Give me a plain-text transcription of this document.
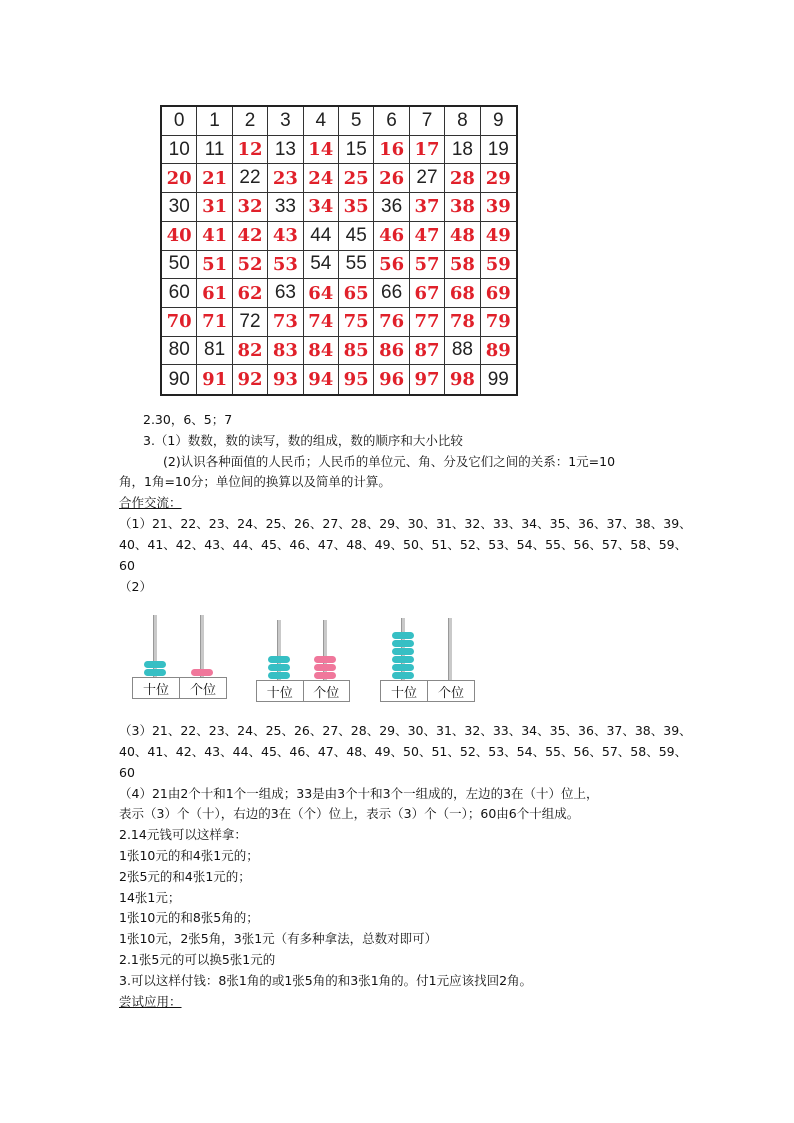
0	1	2	3	4	5	6	7	8	9
10 11 12 13 14 15 16 17 18 19
20 21 22 23 24 25 26 27 28 29
30 31 32 33 34 35 36 37 38 39
40 41 42 43 44 45 46 47 48 49
50 51 52 53 54 55 56 57 58 59
60 61 62 63 64 65 66 67 68 69
70 71 72 73 74 75 76 77 78 79
80 81 82 83 84 85 86 87 88 89
90 91 92 93 94 95 96 97 98 99
2.30，6、5；7
3.（1）数数，数的读写，数的组成，数的顺序和大小比较
(2)认识各种面值的人民币；人民币的单位元、角、分及它们之间的关系：1元=10
角，1角=10分；单位间的换算以及简单的计算。
合作交流：
（1）21、22、23、24、25、26、27、28、29、30、31、32、33、34、35、36、37、38、39、
40、41、42、43、44、45、46、47、48、49、50、51、52、53、54、55、56、57、58、59、
60
（2）
十位	个位	十位	个位	十位	个位
（3）21、22、23、24、25、26、27、28、29、30、31、32、33、34、35、36、37、38、39、
40、41、42、43、44、45、46、47、48、49、50、51、52、53、54、55、56、57、58、59、
60
（4）21由2个十和1个一组成；33是由3个十和3个一组成的，左边的3在（十）位上，
表示（3）个（十），右边的3在（个）位上，表示（3）个（一）；60由6个十组成。
2.14元钱可以这样拿：
1张10元的和4张1元的；
2张5元的和4张1元的；
14张1元；
1张10元的和8张5角的；
1张10元，2张5角，3张1元（有多种拿法，总数对即可）
2.1张5元的可以换5张1元的
3.可以这样付钱：8张1角的或1张5角的和3张1角的。付1元应该找回2角。
尝试应用：
